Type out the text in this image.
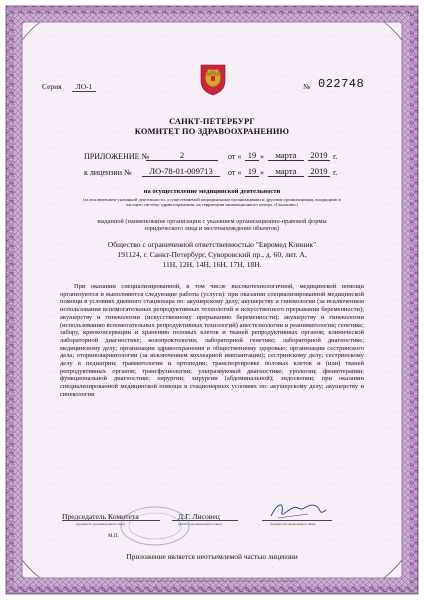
Серия	ЛО-1	№ 022748
САНКТ-ПЕТЕРБУРГ
КОМИТЕТ ПО ЗДРАВООХРАНЕНИЮ
ПРИЛОЖЕНИЕ №	2	от « 19 »	марта	2019 г.
к лицензии №	ЛО-78-01-009713	от « 19 »	марта	2019 г.
на осуществление медицинской деятельности
(за исключением указанной деятельности, осуществляемой медицинскими организациями и другими организациями, входящими в частную систему здравоохранения, на территории инновационного центра «Сколково»)
выданной (наименование организации с указанием организационно-правовой формы юридического лица и местонахождение объектов)
Общество с ограниченной ответственностью "Евромед Клиник"
191124, г. Санкт-Петербург, Суворовский пр., д. 60, лит. А,
11Н, 12Н, 14Н, 16Н, 17Н, 18Н.
При оказании специализированной, в том числе высокотехнологичной, медицинской помощи организуются и выполняются следующие работы (услуги): при оказании специализированной медицинской помощи в условиях дневного стационара по: акушерскому делу; акушерству и гинекологии (за исключением использования вспомогательных репродуктивных технологий и искусственного прерывания беременности); акушерству и гинекологии (искусственному прерыванию беременности); акушерству и гинекологии (использованию вспомогательных репродуктивных технологий) анестезиологии и реаниматологии; генетике; забору, криоконсервации и хранению половых клеток и тканей репродуктивных органов; клинической лабораторной диагностике; колопроктологии; лабораторной генетике; лабораторной диагностике; медицинскому делу; организации здравоохранения и общественному здоровью; организации сестринского дела; оториноларингологии (за исключением кохлеарной имплантации); сестринскому делу; сестринскому делу в педиатрии; травматологии и ортопедии; транспортировке половых клеток и (или) тканей репродуктивных органов; трансфузиологии; ультразвуковой диагностике; урологии; физиотерапии; функциональной диагностике; хирургии; хирургии (абдоминальной); эндоскопии; при оказании специализированной медицинской помощи в стационарных условиях по: акушерскому делу; акушерству и гинекологии
Председатель Комитета	Д.Г. Лисовец
(должность уполномоченного лица)	(Ф.И.О. уполномоченного лица)	(подпись уполномоченного лица)
М.П.
Приложение является неотъемлемой частью лицензии
© АО «Гознак», Москва, 2018, «Б», № 5. Лицензия № 05-05-09/003 ФНС РФ, ТЗ № 120 от 10.01.2018. Тел.: (495) 726-47-42, www.goznak.ru
